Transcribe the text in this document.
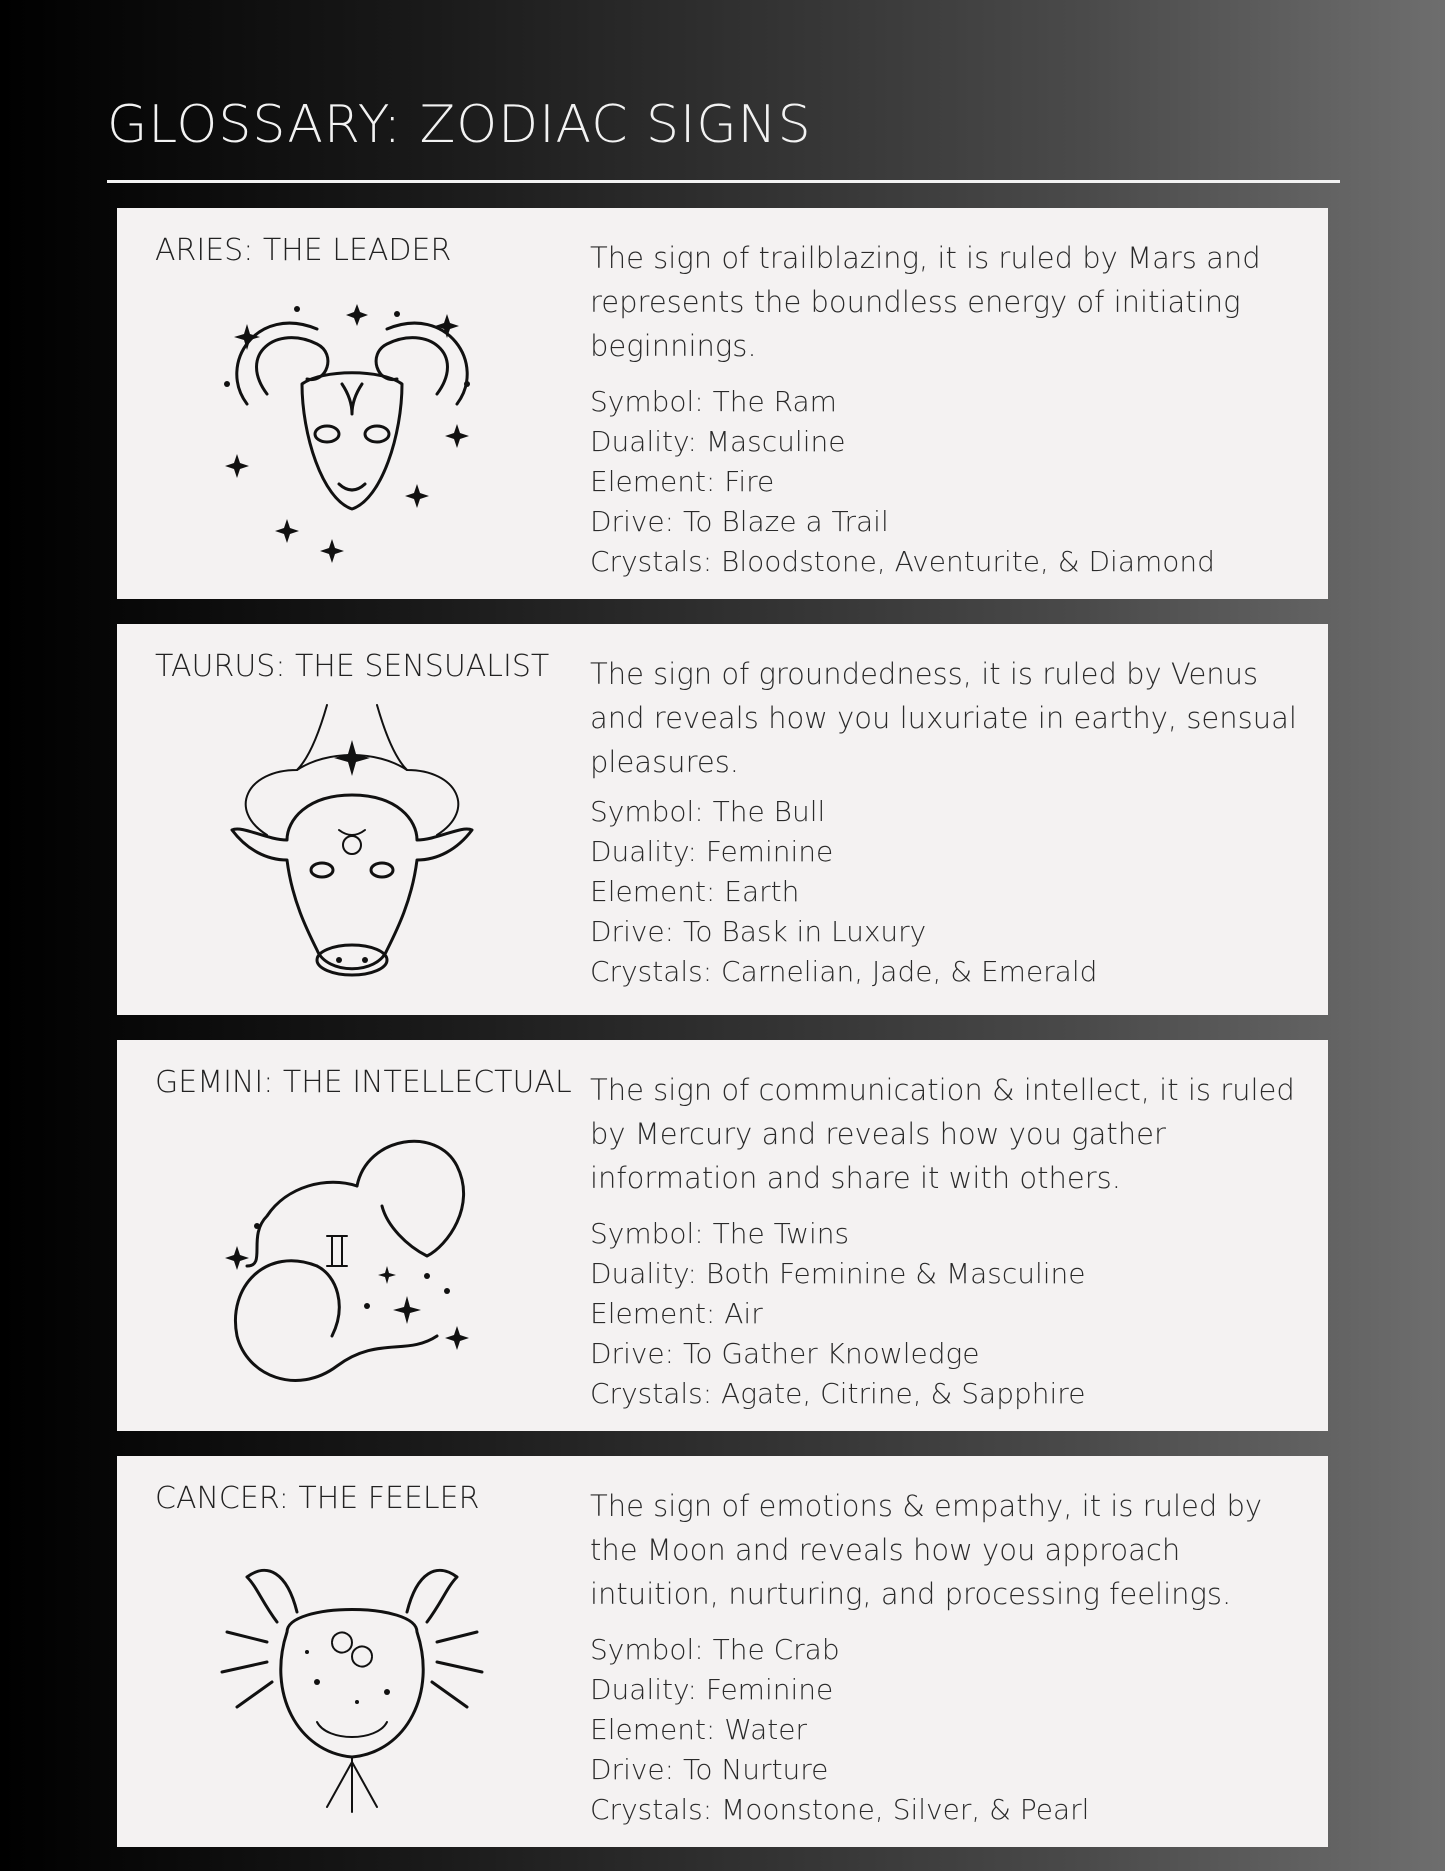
GLOSSARY: ZODIAC SIGNS
ARIES: THE LEADER	The sign of trailblazing, it is ruled by Mars and represents the boundless energy of initiating beginnings.
Symbol: The Ram
Duality: Masculine
Element: Fire
Drive: To Blaze a Trail
Crystals: Bloodstone, Aventurite, & Diamond
TAURUS: THE SENSUALIST The sign of groundedness, it is ruled by Venus and reveals how you luxuriate in earthy, sensual pleasures.
Symbol: The Bull
Duality: Feminine
Element: Earth
Drive: To Bask in Luxury
Crystals: Carnelian, Jade, & Emerald
GEMINI: THE INTELLECTUAL The sign of communication & intellect, it is ruled by Mercury and reveals how you gather information and share it with others.
Symbol: The Twins
Duality: Both Feminine & Masculine
Element: Air
Drive: To Gather Knowledge
Crystals: Agate, Citrine, & Sapphire
CANCER: THE FEELER	The sign of emotions & empathy, it is ruled by the Moon and reveals how you approach intuition, nurturing, and processing feelings.
Symbol: The Crab
Duality: Feminine
Element: Water
Drive: To Nurture
Crystals: Moonstone, Silver, & Pearl
